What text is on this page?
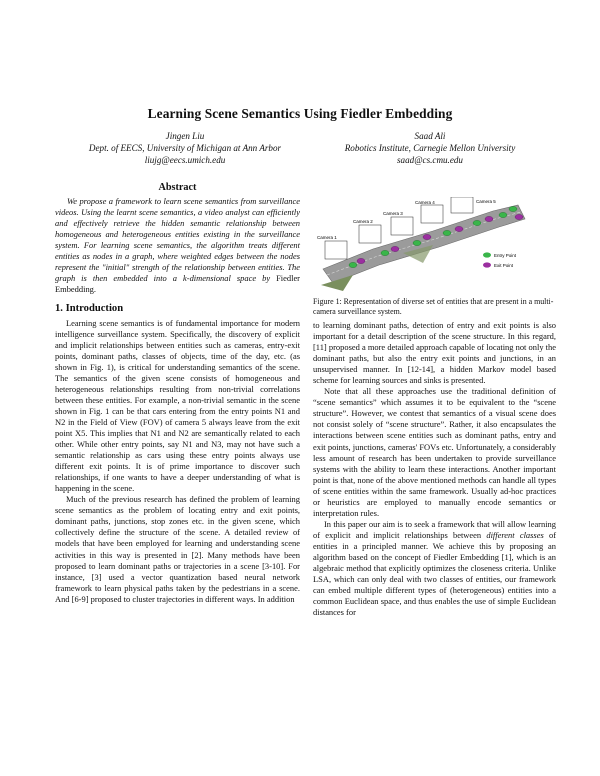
Learning Scene Semantics Using Fiedler Embedding
Jingen Liu
Dept. of EECS, University of Michigan at Ann Arbor
liujg@eecs.umich.edu
Saad Ali
Robotics Institute, Carnegie Mellon University
saad@cs.cmu.edu
Abstract

We propose a framework to learn scene semantics from surveillance videos. Using the learnt scene semantics, a video analyst can efficiently and effectively retrieve the hidden semantic relationship between homogeneous and heterogeneous entities existing in the surveillance system. For learning scene semantics, the algorithm treats different entities as nodes in a graph, where weighted edges between the nodes represent the "initial" strength of the relationship between entities. The graph is then embedded into a k-dimensional space by Fiedler Embedding.

1. Introduction

Learning scene semantics is of fundamental importance for modern intelligence surveillance system. Specifically, the discovery of explicit and implicit relationships between entities such as cameras, entry-exit points, dominant paths, classes of objects, time of the day, etc. (as shown in Fig. 1), is critical for understanding semantics of the scene. The semantics of the given scene consists of homogeneous and heterogeneous relationships resulting from non-trivial correlations between these entities. For example, a non-trivial semantic in the scene shown in Fig. 1 can be that cars entering from the entry points N1 and N2 in the Field of View (FOV) of camera 5 always leave from the exit point X5. This implies that N1 and N2 are semantically related to each other. While other entry points, say N1 and N3, may not have such a semantic relationship as cars using these entry points always use different exit points. It is of prime importance to discover such relationships, if one wants to have a deeper understanding of what is happening in the scene.

Much of the previous research has defined the problem of learning scene semantics as the problem of locating entry and exit points, dominant paths, junctions, stop zones etc. in the given scene, which collectively define the structure of the scene. A detailed review of models that have been employed for learning and understanding scene activities in this way is presented in [2]. Many methods have been proposed to learn dominant paths or trajectories in a scene [3-10]. For instance, [3] used a vector quantization based neural network framework to learn physical paths taken by the pedestrians in a scene. And [6-9] proposed to cluster trajectories in different ways. In addition

Camera 1
Camera 2
Camera 3
Camera 4	Camera 5
Entry Point
Exit Point
Figure 1: Representation of diverse set of entities that are present in a multi-camera surveillance system.

to learning dominant paths, detection of entry and exit points is also important for a detail description of the scene structure. In this regard, [11] proposed a more detailed approach capable of locating not only the dominant paths, but also the entry exit points and junctions, in an unsupervised manner. In [12-14], a hidden Markov model based scheme for learning sources and sinks is presented.

Note that all these approaches use the traditional definition of “scene semantics” which assumes it to be equivalent to the “scene structure”. However, we contest that semantics of a visual scene does not consist solely of “scene structure”. Rather, it also encapsulates the interactions between scene entities such as dominant paths, entry and exit points, junctions, cameras' FOVs etc. Unfortunately, a considerably less amount of research has been undertaken to provide surveillance systems with the ability to learn these interactions. Another important point is that, none of the above mentioned methods can handle all types of scene entities within the same framework. Usually ad-hoc practices or heuristics are employed to manually encode semantics or interpretation rules.

In this paper our aim is to seek a framework that will allow learning of explicit and implicit relationships between different classes of entities in a principled manner. We achieve this by proposing an algorithm based on the concept of Fiedler Embedding [1], which is an algebraic method that explicitly optimizes the closeness criteria. Unlike LSA, which can only deal with two classes of entities, our framework can embed multiple different types of (heterogeneous) entities into a common Euclidean space, and thus enables the use of simple Euclidean distances for
